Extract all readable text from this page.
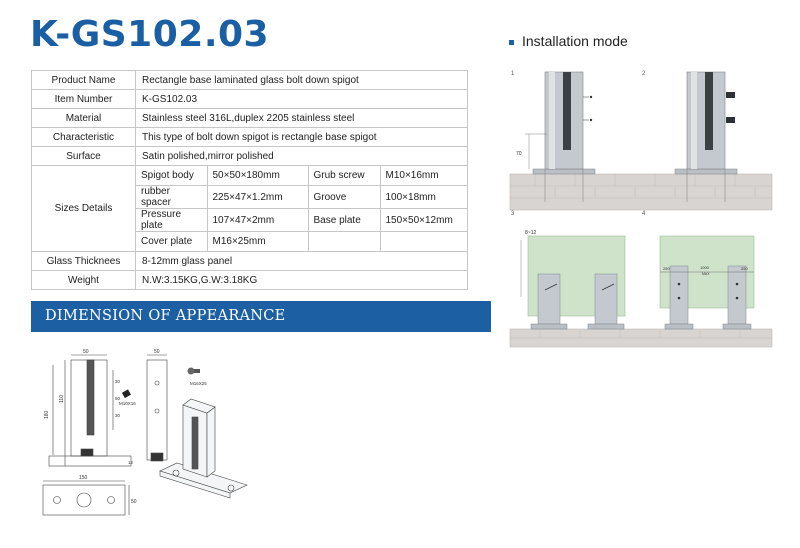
K-GS102.03
Product Name	Rectangle base laminated glass bolt down spigot
Item Number	K-GS102.03
Material	Stainless steel 316L,duplex 2205 stainless steel
Characteristic	This type of bolt down spigot is rectangle base spigot
Surface	Satin polished,mirror polished
Sizes Details	
Spigot body	50×50×180mm	Grub screw	M10×16mm
rubber spacer	225×47×1.2mm	Groove	100×18mm
Pressure plate	107×47×2mm	Base plate	150×50×12mm
Cover plate	M16×25mm		

Glass Thicknees	8-12mm glass panel
Weight	N.W:3.15KG,G.W:3.18KG
DIMENSION OF APPEARANCE
Installation mode
1	2
3	4
70
8~12
250	1000
MAX
250
50
180
110
30
50
30
12
M10X16
50
M16X25
150
50
